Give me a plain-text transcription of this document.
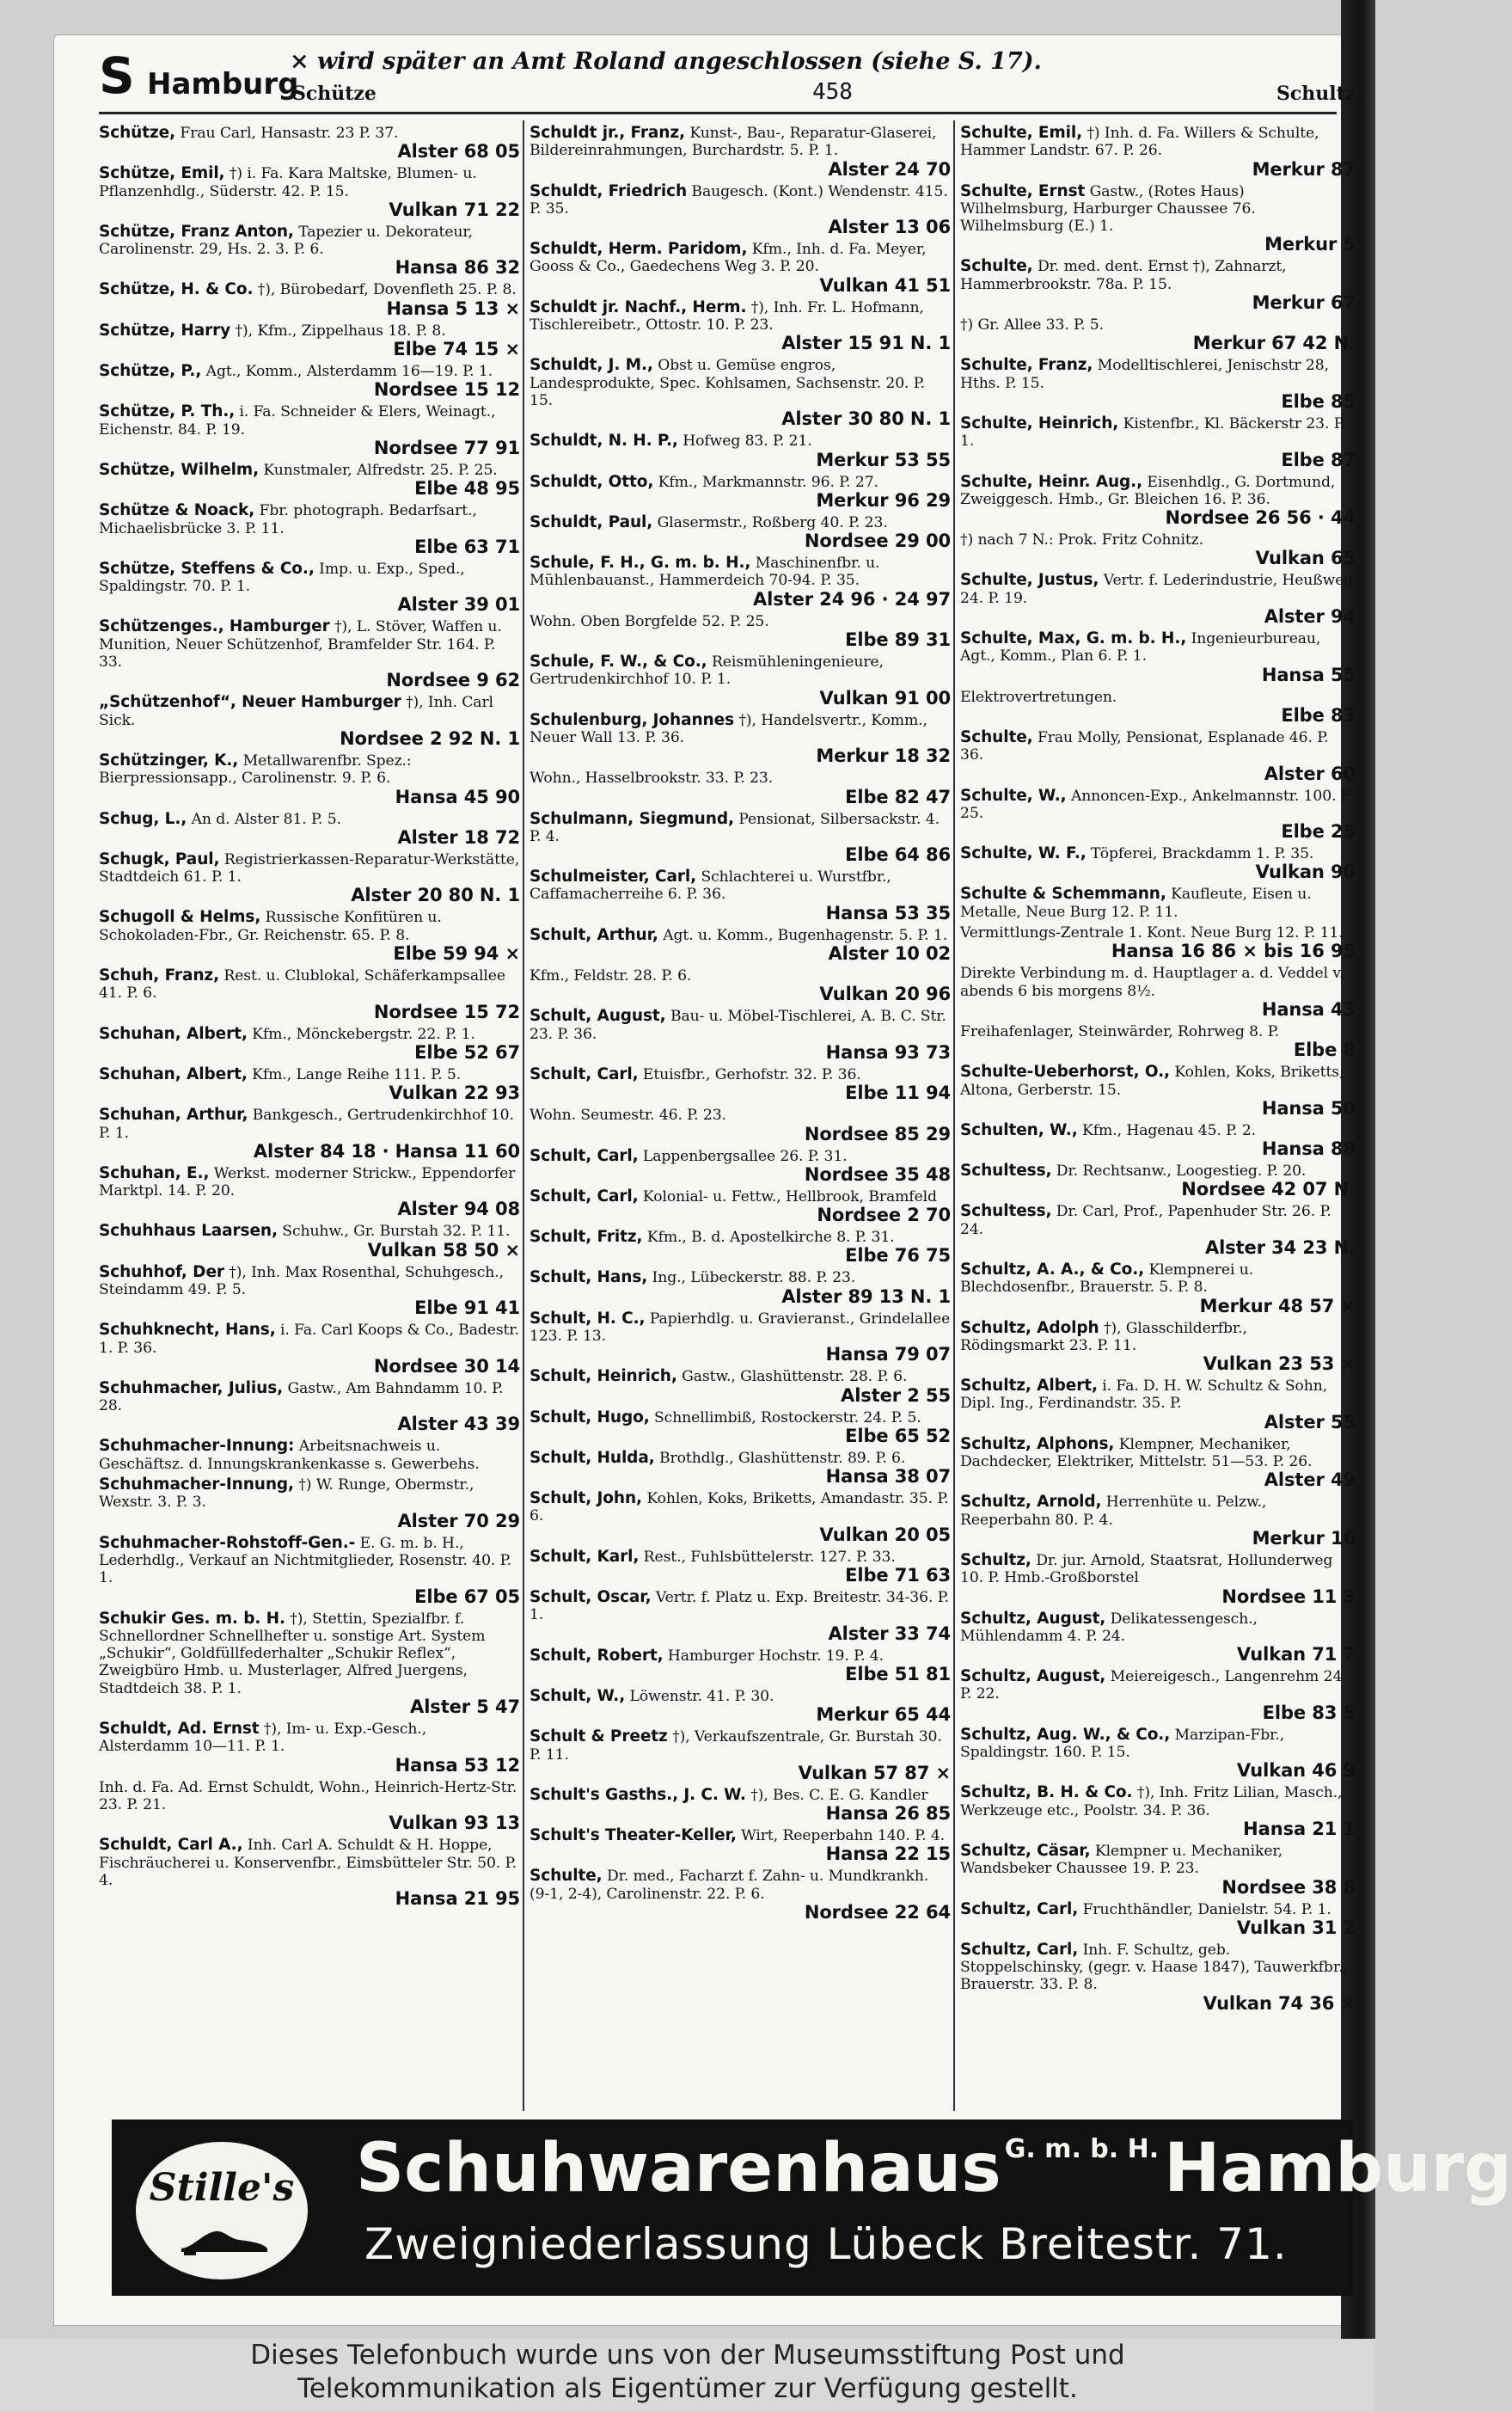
S Hamburg
× wird später an Amt Roland angeschlossen (siehe S. 17).
Schütze	458	Schultz
Schütze, Frau Carl, Hansastr. 23 P. 37.
Alster 68 05
Schütze, Emil, †) i. Fa. Kara Maltske, Blumen- u. Pflanzenhdlg., Süderstr. 42. P. 15.
Vulkan 71 22
Schütze, Franz Anton, Tapezier u. Dekorateur, Carolinenstr. 29, Hs. 2. 3. P. 6.
Hansa 86 32
Schütze, H. & Co. †), Bürobedarf, Dovenfleth 25. P. 8.
Hansa 5 13 ×
Schütze, Harry †), Kfm., Zippelhaus 18. P. 8.
Elbe 74 15 ×
Schütze, P., Agt., Komm., Alsterdamm 16—19. P. 1.
Nordsee 15 12
Schütze, P. Th., i. Fa. Schneider & Elers, Weinagt., Eichenstr. 84. P. 19.
Nordsee 77 91
Schütze, Wilhelm, Kunstmaler, Alfredstr. 25. P. 25.
Elbe 48 95
Schütze & Noack, Fbr. photograph. Bedarfsart., Michaelisbrücke 3. P. 11.
Elbe 63 71
Schütze, Steffens & Co., Imp. u. Exp., Sped., Spaldingstr. 70. P. 1.
Alster 39 01
Schützenges., Hamburger †), L. Stöver, Waffen u. Munition, Neuer Schützenhof, Bramfelder Str. 164. P. 33.
Nordsee 9 62
„Schützenhof“, Neuer Hamburger †), Inh. Carl Sick.
Nordsee 2 92 N. 1
Schützinger, K., Metallwarenfbr. Spez.: Bierpressionsapp., Carolinenstr. 9. P. 6.
Hansa 45 90
Schug, L., An d. Alster 81. P. 5.
Alster 18 72
Schugk, Paul, Registrierkassen-Reparatur-Werkstätte, Stadtdeich 61. P. 1.
Alster 20 80 N. 1
Schugoll & Helms, Russische Konfitüren u. Schokoladen-Fbr., Gr. Reichenstr. 65. P. 8.
Elbe 59 94 ×
Schuh, Franz, Rest. u. Clublokal, Schäferkampsallee 41. P. 6.
Nordsee 15 72
Schuhan, Albert, Kfm., Mönckebergstr. 22. P. 1.
Elbe 52 67
Schuhan, Albert, Kfm., Lange Reihe 111. P. 5.
Vulkan 22 93
Schuhan, Arthur, Bankgesch., Gertrudenkirchhof 10. P. 1.
Alster 84 18 · Hansa 11 60
Schuhan, E., Werkst. moderner Strickw., Eppendorfer Marktpl. 14. P. 20.
Alster 94 08
Schuhhaus Laarsen, Schuhw., Gr. Burstah 32. P. 11.
Vulkan 58 50 ×
Schuhhof, Der †), Inh. Max Rosenthal, Schuhgesch., Steindamm 49. P. 5.
Elbe 91 41
Schuhknecht, Hans, i. Fa. Carl Koops & Co., Badestr. 1. P. 36.
Nordsee 30 14
Schuhmacher, Julius, Gastw., Am Bahndamm 10. P. 28.
Alster 43 39
Schuhmacher-Innung: Arbeitsnachweis u. Geschäftsz. d. Innungskrankenkasse s. Gewerbehs.
Schuhmacher-Innung, †) W. Runge, Obermstr., Wexstr. 3. P. 3.
Alster 70 29
Schuhmacher-Rohstoff-Gen.- E. G. m. b. H., Lederhdlg., Verkauf an Nichtmitglieder, Rosenstr. 40. P. 1.
Elbe 67 05
Schukir Ges. m. b. H. †), Stettin, Spezialfbr. f. Schnellordner Schnellhefter u. sonstige Art. System „Schukir“, Goldfüllfederhalter „Schukir Reflex“, Zweigbüro Hmb. u. Musterlager, Alfred Juergens, Stadtdeich 38. P. 1.
Alster 5 47
Schuldt, Ad. Ernst †), Im- u. Exp.-Gesch., Alsterdamm 10—11. P. 1.
Hansa 53 12
Inh. d. Fa. Ad. Ernst Schuldt, Wohn., Heinrich-Hertz-Str. 23. P. 21.
Vulkan 93 13
Schuldt, Carl A., Inh. Carl A. Schuldt & H. Hoppe, Fischräucherei u. Konservenfbr., Eimsbütteler Str. 50. P. 4.
Hansa 21 95
Schuldt jr., Franz, Kunst-, Bau-, Reparatur-Glaserei, Bildereinrahmungen, Burchardstr. 5. P. 1.
Alster 24 70
Schuldt, Friedrich Baugesch. (Kont.) Wendenstr. 415. P. 35.
Alster 13 06
Schuldt, Herm. Paridom, Kfm., Inh. d. Fa. Meyer, Gooss & Co., Gaedechens Weg 3. P. 20.
Vulkan 41 51
Schuldt jr. Nachf., Herm. †), Inh. Fr. L. Hofmann, Tischlereibetr., Ottostr. 10. P. 23.
Alster 15 91 N. 1
Schuldt, J. M., Obst u. Gemüse engros, Landesprodukte, Spec. Kohlsamen, Sachsenstr. 20. P. 15.
Alster 30 80 N. 1
Schuldt, N. H. P., Hofweg 83. P. 21.
Merkur 53 55
Schuldt, Otto, Kfm., Markmannstr. 96. P. 27.
Merkur 96 29
Schuldt, Paul, Glasermstr., Roßberg 40. P. 23.
Nordsee 29 00
Schule, F. H., G. m. b. H., Maschinenfbr. u. Mühlenbauanst., Hammerdeich 70-94. P. 35.
Alster 24 96 · 24 97
Wohn. Oben Borgfelde 52. P. 25.
Elbe 89 31
Schule, F. W., & Co., Reismühleningenieure, Gertrudenkirchhof 10. P. 1.
Vulkan 91 00
Schulenburg, Johannes †), Handelsvertr., Komm., Neuer Wall 13. P. 36.
Merkur 18 32
Wohn., Hasselbrookstr. 33. P. 23.
Elbe 82 47
Schulmann, Siegmund, Pensionat, Silbersackstr. 4. P. 4.
Elbe 64 86
Schulmeister, Carl, Schlachterei u. Wurstfbr., Caffamacherreihe 6. P. 36.
Hansa 53 35
Schult, Arthur, Agt. u. Komm., Bugenhagenstr. 5. P. 1.
Alster 10 02
Kfm., Feldstr. 28. P. 6.
Vulkan 20 96
Schult, August, Bau- u. Möbel-Tischlerei, A. B. C. Str. 23. P. 36.
Hansa 93 73
Schult, Carl, Etuisfbr., Gerhofstr. 32. P. 36.
Elbe 11 94
Wohn. Seumestr. 46. P. 23.
Nordsee 85 29
Schult, Carl, Lappenbergsallee 26. P. 31.
Nordsee 35 48
Schult, Carl, Kolonial- u. Fettw., Hellbrook, Bramfeld
Nordsee 2 70
Schult, Fritz, Kfm., B. d. Apostelkirche 8. P. 31.
Elbe 76 75
Schult, Hans, Ing., Lübeckerstr. 88. P. 23.
Alster 89 13 N. 1
Schult, H. C., Papierhdlg. u. Gravieranst., Grindelallee 123. P. 13.
Hansa 79 07
Schult, Heinrich, Gastw., Glashüttenstr. 28. P. 6.
Alster 2 55
Schult, Hugo, Schnellimbiß, Rostockerstr. 24. P. 5.
Elbe 65 52
Schult, Hulda, Brothdlg., Glashüttenstr. 89. P. 6.
Hansa 38 07
Schult, John, Kohlen, Koks, Briketts, Amandastr. 35. P. 6.
Vulkan 20 05
Schult, Karl, Rest., Fuhlsbüttelerstr. 127. P. 33.
Elbe 71 63
Schult, Oscar, Vertr. f. Platz u. Exp. Breitestr. 34-36. P. 1.
Alster 33 74
Schult, Robert, Hamburger Hochstr. 19. P. 4.
Elbe 51 81
Schult, W., Löwenstr. 41. P. 30.
Merkur 65 44
Schult & Preetz †), Verkaufszentrale, Gr. Burstah 30. P. 11.
Vulkan 57 87 ×
Schult's Gasths., J. C. W. †), Bes. C. E. G. Kandler
Hansa 26 85
Schult's Theater-Keller, Wirt, Reeperbahn 140. P. 4.
Hansa 22 15
Schulte, Dr. med., Facharzt f. Zahn- u. Mundkrankh. (9-1, 2-4), Carolinenstr. 22. P. 6.
Nordsee 22 64
Schulte, Emil, †) Inh. d. Fa. Willers & Schulte, Hammer Landstr. 67. P. 26.
Merkur 87
Schulte, Ernst Gastw., (Rotes Haus) Wilhelmsburg, Harburger Chaussee 76. Wilhelmsburg (E.) 1.
Merkur 5
Schulte, Dr. med. dent. Ernst †), Zahnarzt, Hammerbrookstr. 78a. P. 15.
Merkur 67
†) Gr. Allee 33. P. 5.
Merkur 67 42 N.
Schulte, Franz, Modelltischlerei, Jenischstr 28, Hths. P. 15.
Elbe 85
Schulte, Heinrich, Kistenfbr., Kl. Bäckerstr 23. P. 1.
Elbe 87
Schulte, Heinr. Aug., Eisenhdlg., G. Dortmund, Zweiggesch. Hmb., Gr. Bleichen 16. P. 36.
Nordsee 26 56 · 44
†) nach 7 N.: Prok. Fritz Cohnitz.
Vulkan 65
Schulte, Justus, Vertr. f. Lederindustrie, Heußweg 24. P. 19.
Alster 94
Schulte, Max, G. m. b. H., Ingenieurbureau, Agt., Komm., Plan 6. P. 1.
Hansa 55
Elektrovertretungen.
Elbe 83
Schulte, Frau Molly, Pensionat, Esplanade 46. P. 36.
Alster 60
Schulte, W., Annoncen-Exp., Ankelmannstr. 100. P. 25.
Elbe 25
Schulte, W. F., Töpferei, Brackdamm 1. P. 35.
Vulkan 90
Schulte & Schemmann, Kaufleute, Eisen u. Metalle, Neue Burg 12. P. 11.
Vermittlungs-Zentrale 1. Kont. Neue Burg 12. P. 11.
Hansa 16 86 × bis 16 95
Direkte Verbindung m. d. Hauptlager a. d. Veddel v. abends 6 bis morgens 8½.
Hansa 43
Freihafenlager, Steinwärder, Rohrweg 8. P.
Elbe 8
Schulte-Ueberhorst, O., Kohlen, Koks, Briketts, Altona, Gerberstr. 15.
Hansa 50
Schulten, W., Kfm., Hagenau 45. P. 2.
Hansa 88
Schultess, Dr. Rechtsanw., Loogestieg. P. 20.
Nordsee 42 07 N.
Schultess, Dr. Carl, Prof., Papenhuder Str. 26. P. 24.
Alster 34 23 N.
Schultz, A. A., & Co., Klempnerei u. Blechdosenfbr., Brauerstr. 5. P. 8.
Merkur 48 57 ×
Schultz, Adolph †), Glasschilderfbr., Rödingsmarkt 23. P. 11.
Vulkan 23 53 ×
Schultz, Albert, i. Fa. D. H. W. Schultz & Sohn, Dipl. Ing., Ferdinandstr. 35. P.
Alster 55
Schultz, Alphons, Klempner, Mechaniker, Dachdecker, Elektriker, Mittelstr. 51—53. P. 26.
Alster 49
Schultz, Arnold, Herrenhüte u. Pelzw., Reeperbahn 80. P. 4.
Merkur 16
Schultz, Dr. jur. Arnold, Staatsrat, Hollunderweg 10. P. Hmb.-Großborstel
Nordsee 11 3
Schultz, August, Delikatessengesch., Mühlendamm 4. P. 24.
Vulkan 71 7
Schultz, August, Meiereigesch., Langenrehm 24. P. 22.
Elbe 83 5
Schultz, Aug. W., & Co., Marzipan-Fbr., Spaldingstr. 160. P. 15.
Vulkan 46 9
Schultz, B. H. & Co. †), Inh. Fritz Lilian, Masch., Werkzeuge etc., Poolstr. 34. P. 36.
Hansa 21 1
Schultz, Cäsar, Klempner u. Mechaniker, Wandsbeker Chaussee 19. P. 23.
Nordsee 38 8
Schultz, Carl, Fruchthändler, Danielstr. 54. P. 1.
Vulkan 31 2
Schultz, Carl, Inh. F. Schultz, geb. Stoppelschinsky, (gegr. v. Haase 1847), Tauwerkfbr., Brauerstr. 33. P. 8.
Vulkan 74 36 ×
Stille's Schuhwarenhaus G. m. b. H.Hamburg
Zweigniederlassung Lübeck Breitestr. 71.
Dieses Telefonbuch wurde uns von der Museumsstiftung Post und
Telekommunikation als Eigentümer zur Verfügung gestellt.
